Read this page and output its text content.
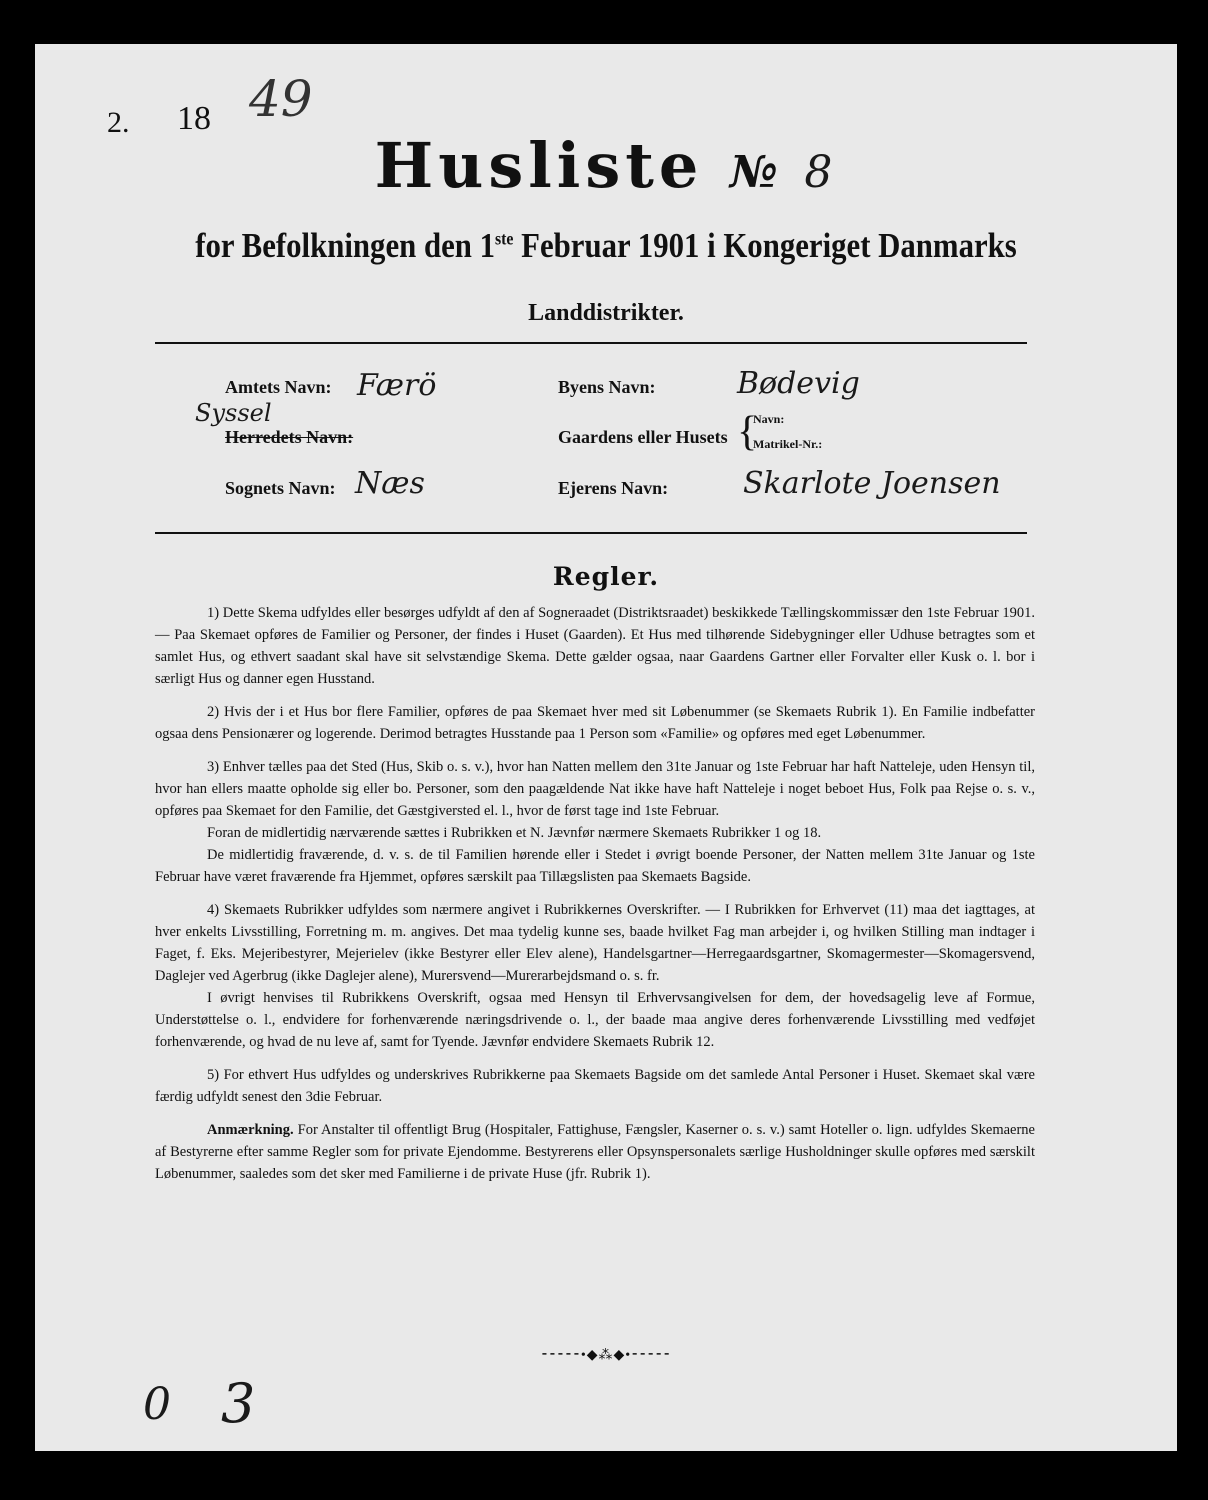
2. 18 49
Husliste № 8
for Befolkningen den 1ste Februar 1901 i Kongeriget Danmarks
Landdistrikter.
Amtets Navn: Færö
Syssel
Herredets Navn:
Sognets Navn: Næs
Byens Navn:	Bødevig
Gaardens eller Husets {
Navn:
Matrikel-Nr.:
Ejerens Navn: Skarlote Joensen
Regler.

1) Dette Skema udfyldes eller besørges udfyldt af den af Sogneraadet (Distriktsraadet) beskikkede Tællingskommissær den 1ste Februar 1901. — Paa Skemaet opføres de Familier og Personer, der findes i Huset (Gaarden). Et Hus med tilhørende Sidebygninger eller Udhuse betragtes som et samlet Hus, og ethvert saadant skal have sit selvstændige Skema. Dette gælder ogsaa, naar Gaardens Gartner eller Forvalter eller Kusk o. l. bor i særligt Hus og danner egen Husstand.

2) Hvis der i et Hus bor flere Familier, opføres de paa Skemaet hver med sit Løbenummer (se Skemaets Rubrik 1). En Familie indbefatter ogsaa dens Pensionærer og logerende. Derimod betragtes Husstande paa 1 Person som «Familie» og opføres med eget Løbenummer.

3) Enhver tælles paa det Sted (Hus, Skib o. s. v.), hvor han Natten mellem den 31te Januar og 1ste Februar har haft Natteleje, uden Hensyn til, hvor han ellers maatte opholde sig eller bo. Personer, som den paagældende Nat ikke have haft Natteleje i noget beboet Hus, Folk paa Rejse o. s. v., opføres paa Skemaet for den Familie, det Gæstgiversted el. l., hvor de først tage ind 1ste Februar.

Foran de midlertidig nærværende sættes i Rubrikken et N. Jævnfør nærmere Skemaets Rubrikker 1 og 18.

De midlertidig fraværende, d. v. s. de til Familien hørende eller i Stedet i øvrigt boende Personer, der Natten mellem 31te Januar og 1ste Februar have været fraværende fra Hjemmet, opføres særskilt paa Tillægslisten paa Skemaets Bagside.

4) Skemaets Rubrikker udfyldes som nærmere angivet i Rubrikkernes Overskrifter. — I Rubrikken for Erhvervet (11) maa det iagttages, at hver enkelts Livsstilling, Forretning m. m. angives. Det maa tydelig kunne ses, baade hvilket Fag man arbejder i, og hvilken Stilling man indtager i Faget, f. Eks. Mejeribestyrer, Mejerielev (ikke Bestyrer eller Elev alene), Handelsgartner—Herregaardsgartner, Skomagermester—Skomagersvend, Daglejer ved Agerbrug (ikke Daglejer alene), Murersvend—Murerarbejdsmand o. s. fr.

I øvrigt henvises til Rubrikkens Overskrift, ogsaa med Hensyn til Erhvervsangivelsen for dem, der hovedsagelig leve af Formue, Understøttelse o. l., endvidere for forhenværende næringsdrivende o. l., der baade maa angive deres forhenværende Livsstilling med vedføjet forhenværende, og hvad de nu leve af, samt for Tyende. Jævnfør endvidere Skemaets Rubrik 12.

5) For ethvert Hus udfyldes og underskrives Rubrikkerne paa Skemaets Bagside om det samlede Antal Personer i Huset. Skemaet skal være færdig udfyldt senest den 3die Februar.

Anmærkning. For Anstalter til offentligt Brug (Hospitaler, Fattighuse, Fængsler, Kaserner o. s. v.) samt Hoteller o. lign. udfyldes Skemaerne af Bestyrerne efter samme Regler som for private Ejendomme. Bestyrerens eller Opsynspersonalets særlige Husholdninger skulle opføres med særskilt Løbenummer, saaledes som det sker med Familierne i de private Huse (jfr. Rubrik 1).

⁃⁃⁃⁃⁃•◆⁂◆•⁃⁃⁃⁃⁃
0 3
